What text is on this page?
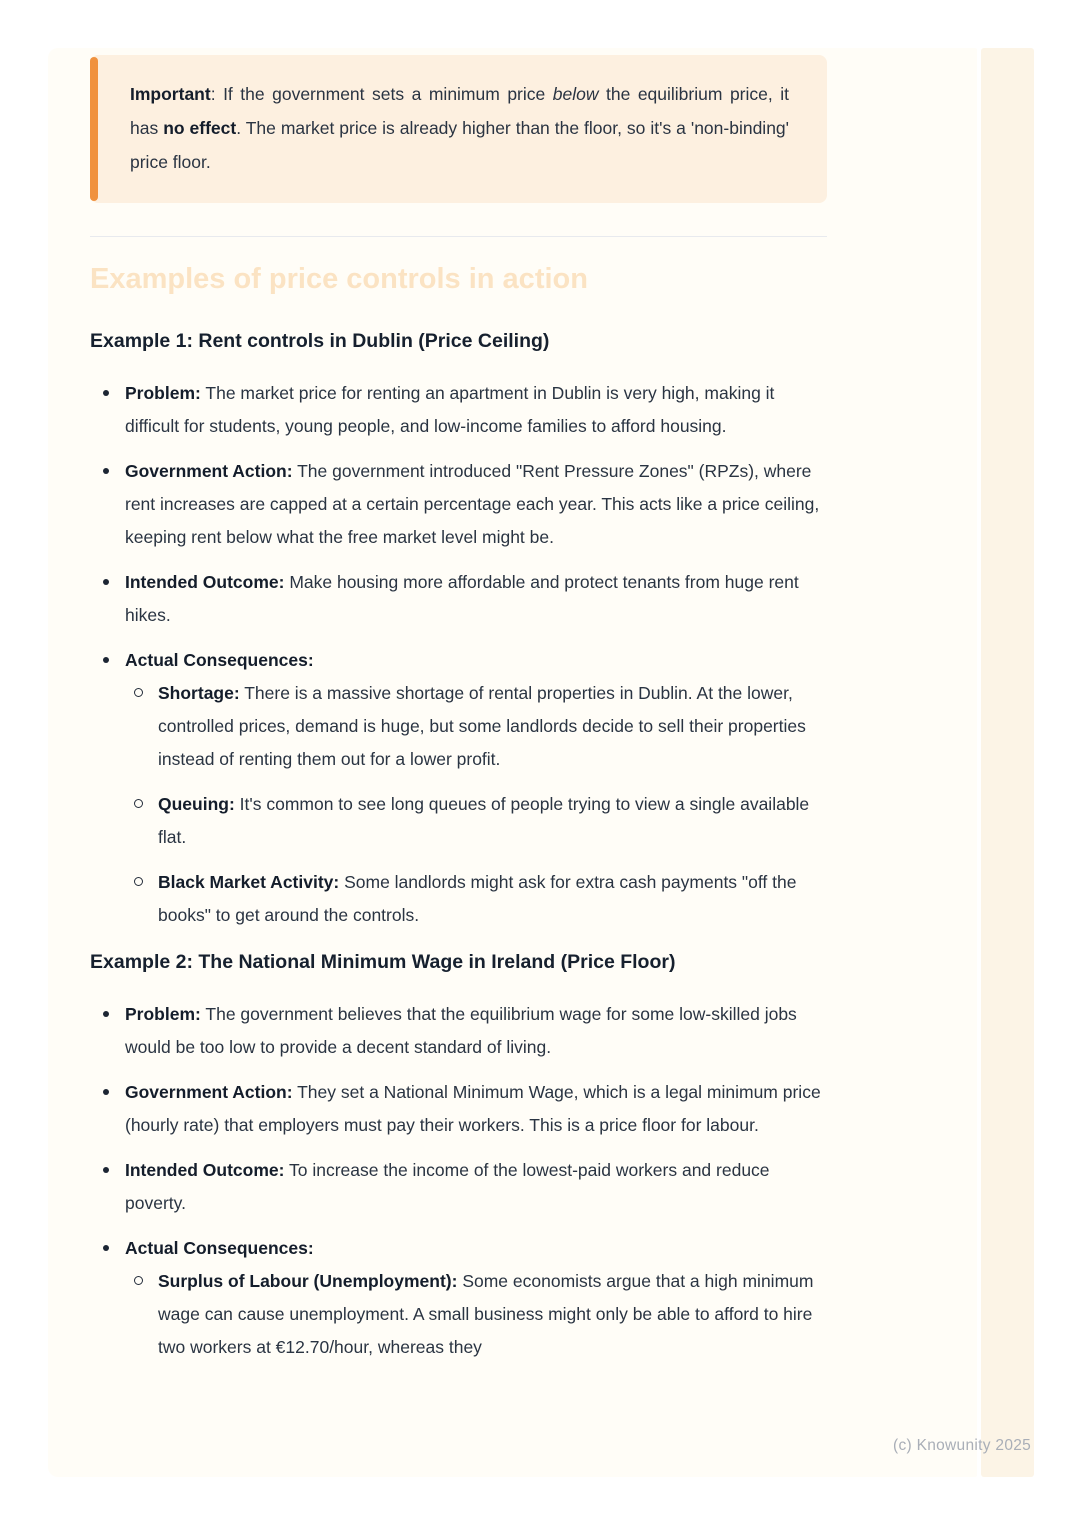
Important: If the government sets a minimum price below the equilibrium price, it has no effect. The market price is already higher than the floor, so it's a 'non-binding' price floor.
Examples of price controls in action
Example 1: Rent controls in Dublin (Price Ceiling)
Problem: The market price for renting an apartment in Dublin is very high, making it difficult for students, young people, and low-income families to afford housing.
Government Action: The government introduced "Rent Pressure Zones" (RPZs), where rent increases are capped at a certain percentage each year. This acts like a price ceiling, keeping rent below what the free market level might be.
Intended Outcome: Make housing more affordable and protect tenants from huge rent hikes.
Actual Consequences:
Shortage: There is a massive shortage of rental properties in Dublin. At the lower, controlled prices, demand is huge, but some landlords decide to sell their properties instead of renting them out for a lower profit.
Queuing: It's common to see long queues of people trying to view a single available flat.
Black Market Activity: Some landlords might ask for extra cash payments "off the books" to get around the controls.
Example 2: The National Minimum Wage in Ireland (Price Floor)
Problem: The government believes that the equilibrium wage for some low-skilled jobs would be too low to provide a decent standard of living.
Government Action: They set a National Minimum Wage, which is a legal minimum price (hourly rate) that employers must pay their workers. This is a price floor for labour.
Intended Outcome: To increase the income of the lowest-paid workers and reduce poverty.
Actual Consequences:
Surplus of Labour (Unemployment): Some economists argue that a high minimum wage can cause unemployment. A small business might only be able to afford to hire two workers at €12.70/hour, whereas they
(c) Knowunity 2025
